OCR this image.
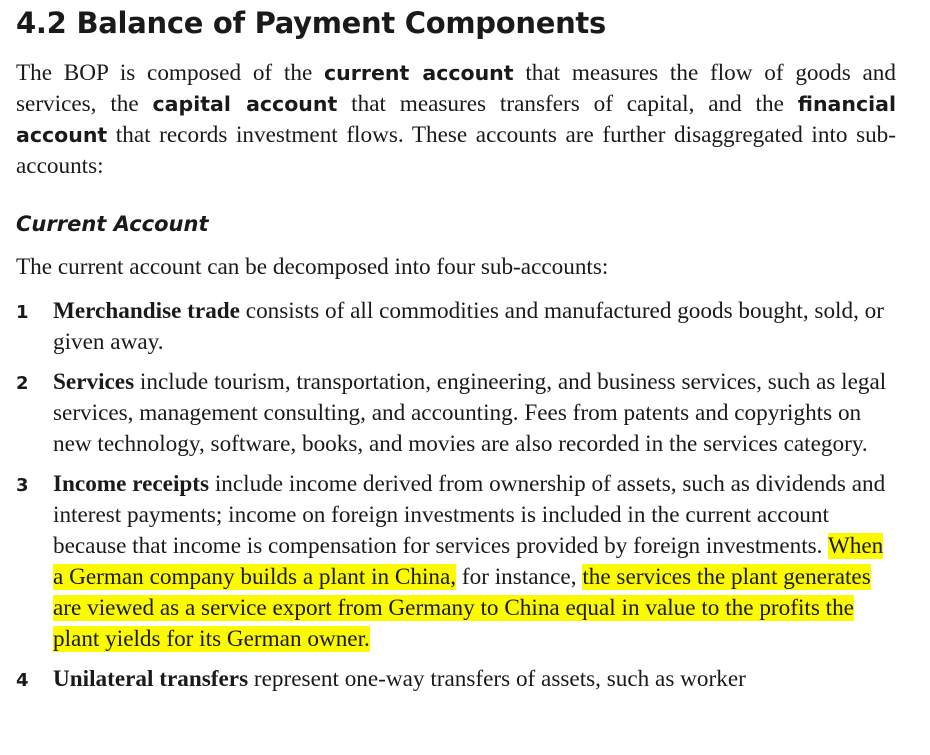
4.2 Balance of Payment Components

The BOP is composed of the current account that measures the flow of goods and services, the capital account that measures transfers of capital, and the financial account that records investment flows. These accounts are further disaggregated into sub-accounts:

Current Account

The current account can be decomposed into four sub-accounts:

1 Merchandise trade consists of all commodities and manufactured goods bought, sold, or given away.
2 Services include tourism, transportation, engineering, and business services, such as legal services, management consulting, and accounting. Fees from patents and copyrights on new technology, software, books, and movies are also recorded in the services category.
3 Income receipts include income derived from ownership of assets, such as dividends and interest payments; income on foreign investments is included in the current account because that income is compensation for services provided by foreign investments. When a German company builds a plant in China, for instance, the services the plant generates are viewed as a service export from Germany to China equal in value to the profits the plant yields for its German owner.
4 Unilateral transfers represent one-way transfers of assets, such as worker
